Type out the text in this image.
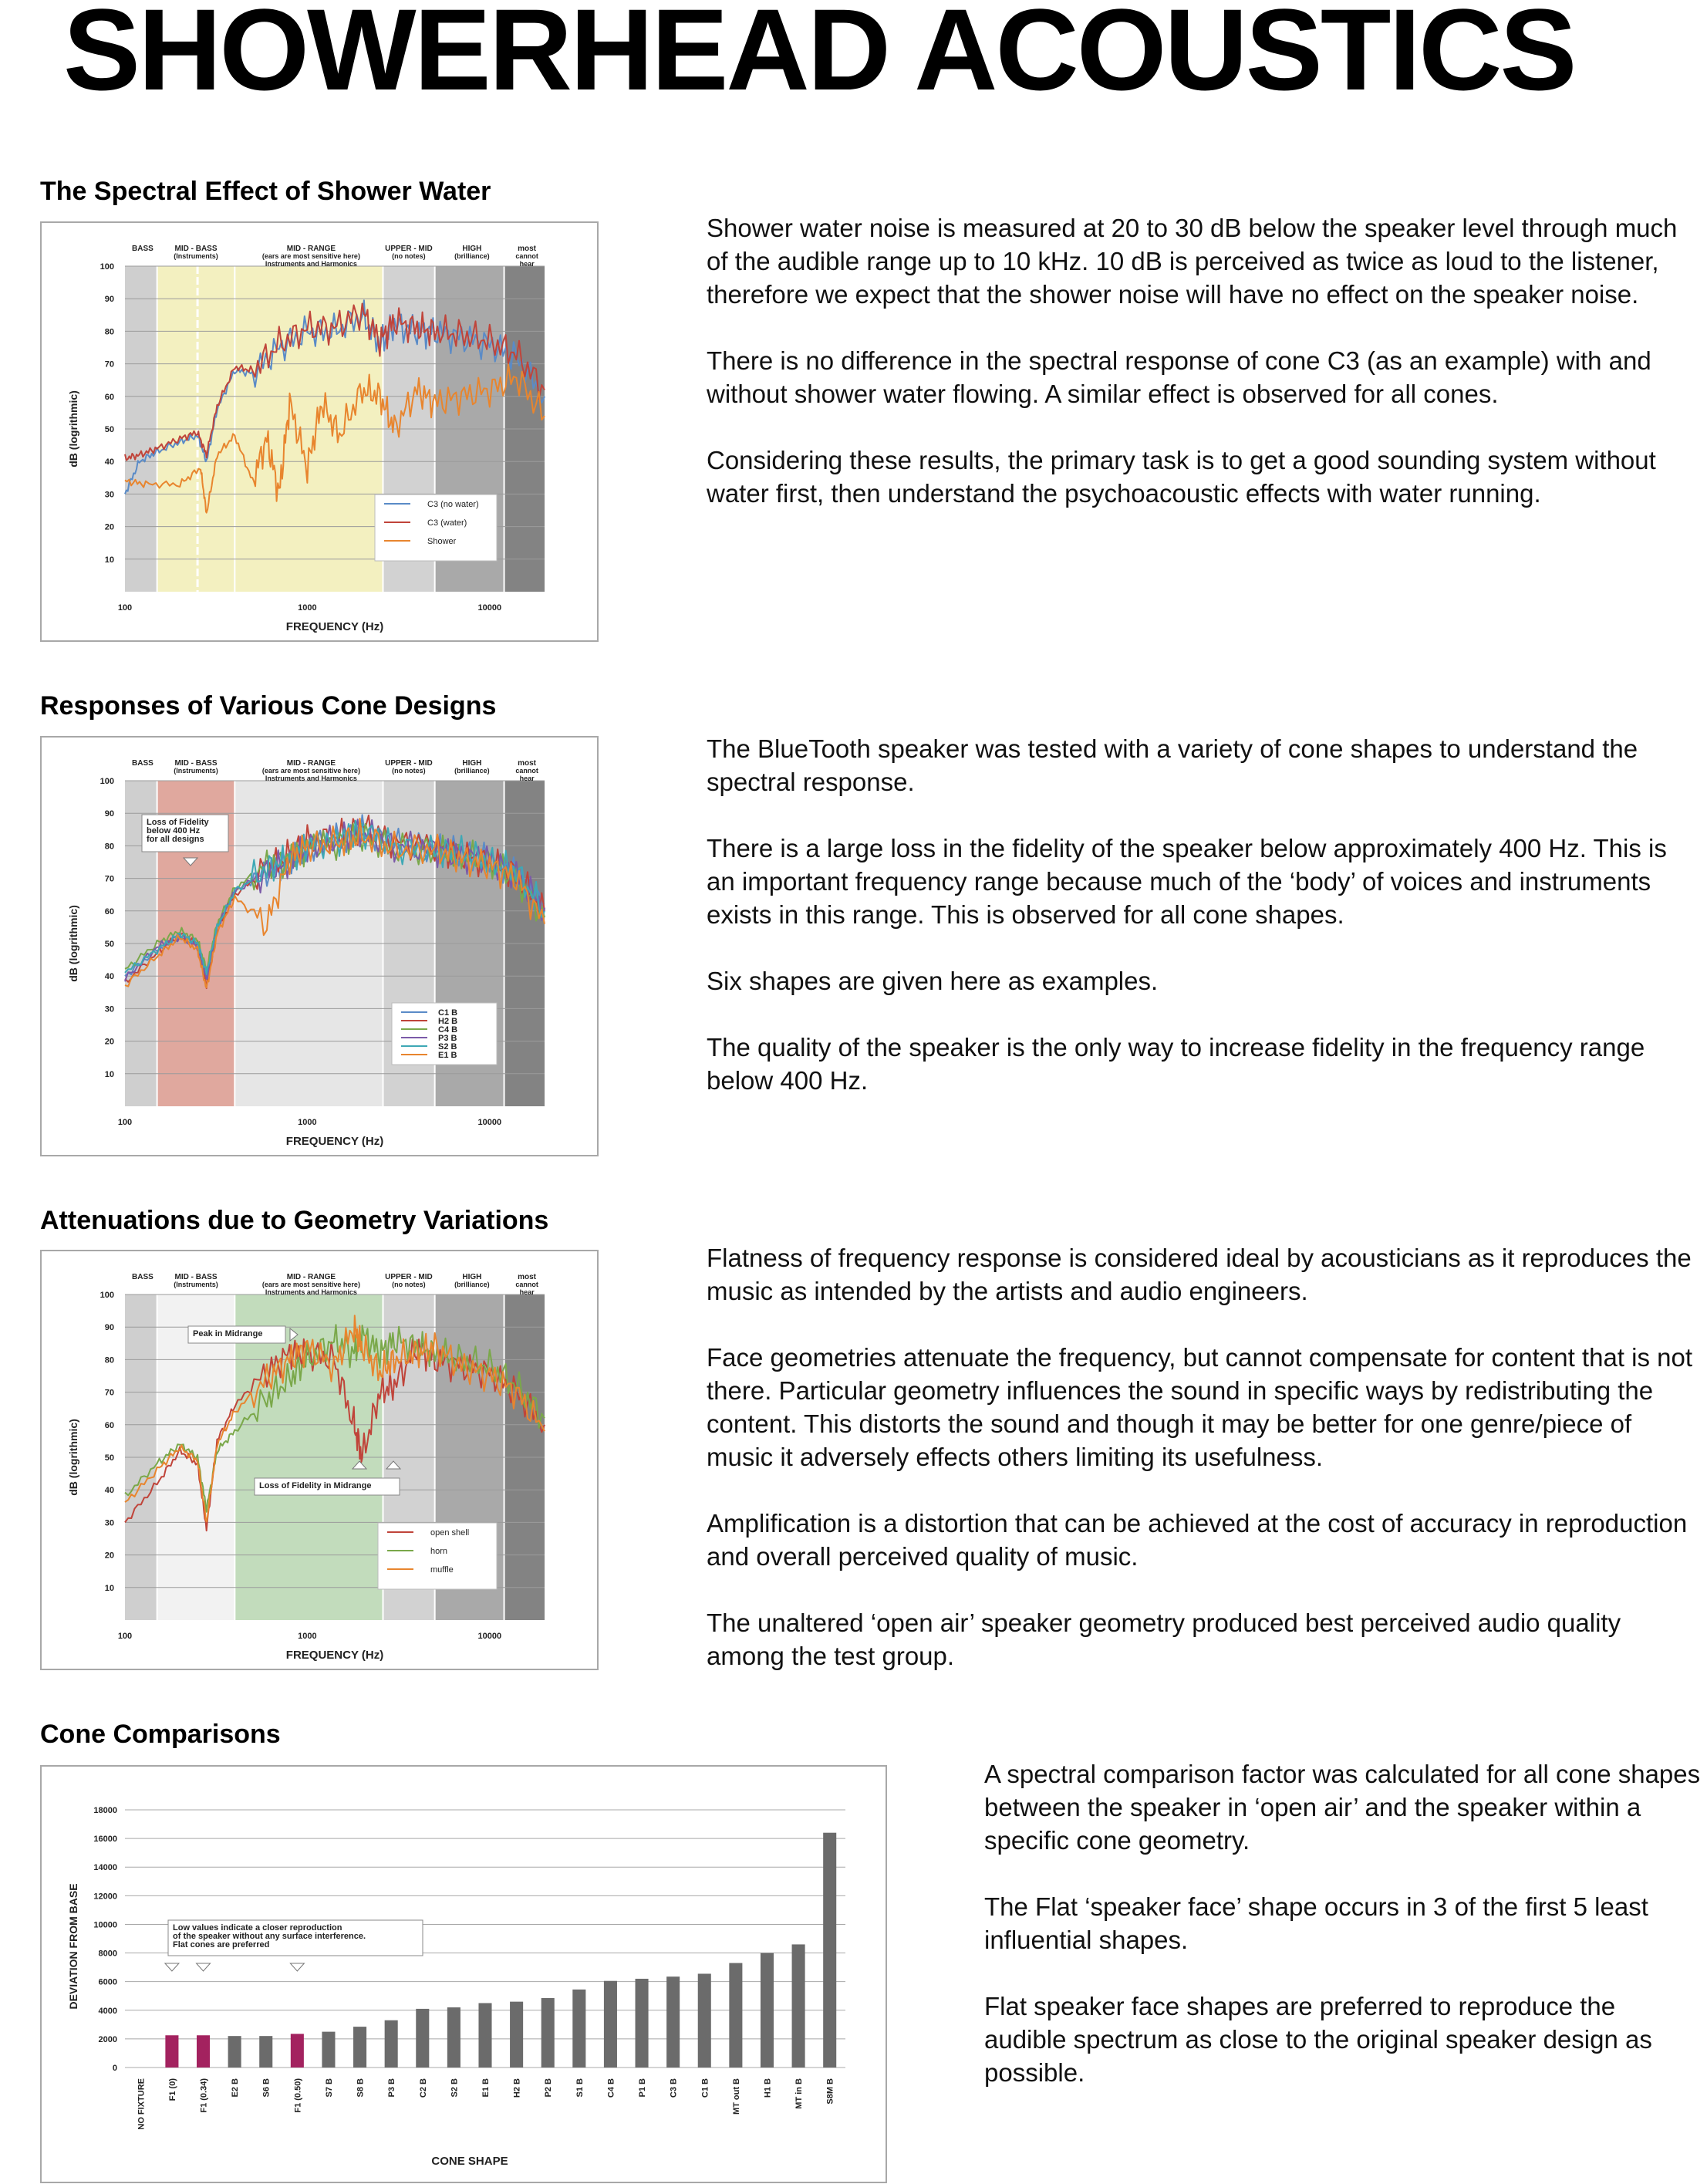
SHOWERHEAD ACOUSTICS
The Spectral Effect of Shower Water
BASS	MID - BASS
(Instruments)
MID - RANGE
(ears are most sensitive here)
Instruments and Harmonics
UPPER - MID
(no notes)
HIGH
(brilliance)
most
cannot
hear
10
20
30
40
50
60
70
80
90
100
100	1000	10000
FREQUENCY (Hz)
dB (logrithmic)
C3 (no water)
C3 (water)
Shower

Shower water noise is measured at 20 to 30 dB below the speaker level through much of the audible range up to 10 kHz. 10 dB is perceived as twice as loud to the listener, therefore we expect that the shower noise will have no effect on the speaker noise.

There is no difference in the spectral response of cone C3 (as an example) with and without shower water flowing. A similar effect is observed for all cones.

Considering these results, the primary task is to get a good sounding system without water first, then understand the psychoacoustic effects with water running.

Responses of Various Cone Designs
BASS	MID - BASS
(Instruments)
MID - RANGE
(ears are most sensitive here)
Instruments and Harmonics
UPPER - MID
(no notes)
HIGH
(brilliance)
most
cannot
hear
10
20
30
40
50
60
70
80
90
100
100	1000	10000
FREQUENCY (Hz)
dB (logrithmic)
Loss of Fidelity
below 400 Hz
for all designs
C1 B
H2 B
C4 B
P3 B
S2 B
E1 B

The BlueTooth speaker was tested with a variety of cone shapes to understand the spectral response.

There is a large loss in the fidelity of the speaker below approximately 400 Hz. This is an important frequency range because much of the ‘body’ of voices and instruments exists in this range. This is observed for all cone shapes.

Six shapes are given here as examples.

The quality of the speaker is the only way to increase fidelity in the frequency range below 400 Hz.

Attenuations due to Geometry Variations
BASS	MID - BASS
(Instruments)
MID - RANGE
(ears are most sensitive here)
Instruments and Harmonics
UPPER - MID
(no notes)
HIGH
(brilliance)
most
cannot
hear
10
20
30
40
50
60
70
80
90
100
100	1000	10000
FREQUENCY (Hz)
dB (logrithmic)
Peak in Midrange
Loss of Fidelity in Midrange
open shell
horn
muffle

Flatness of frequency response is considered ideal by acousticians as it reproduces the music as intended by the artists and audio engineers.

Face geometries attenuate the frequency, but cannot compensate for content that is not there. Particular geometry influences the sound in specific ways by redistributing the content. This distorts the sound and though it may be better for one genre/piece of music it adversely effects others limiting its usefulness.

Amplification is a distortion that can be achieved at the cost of accuracy in reproduction and overall perceived quality of music.

The unaltered ‘open air’ speaker geometry produced best perceived audio quality among the test group.

Cone Comparisons
0
2000
4000
6000
8000
10000
12000
14000
16000
18000
NO FIXTURE	F1 (0)	F1 (0.34)	E2 B	S6 B	F1 (0.50)	S7 B	S8 B	P3 B	C2 B	S2 B	E1 B	H2 B	P2 B	S1 B	C4 B	P1 B	C3 B	C1 B	MT out B	H1 B	MT in B	S8M B
CONE SHAPE
DEVIATION FROM BASE	Low values indicate a closer reproduction
of the speaker without any surface interference.
Flat cones are preferred

A spectral comparison factor was calculated for all cone shapes between the speaker in ‘open air’ and the speaker within a specific cone geometry.

The Flat ‘speaker face’ shape occurs in 3 of the first 5 least influential shapes.

Flat speaker face shapes are preferred to reproduce the audible spectrum as close to the original speaker design as possible.
